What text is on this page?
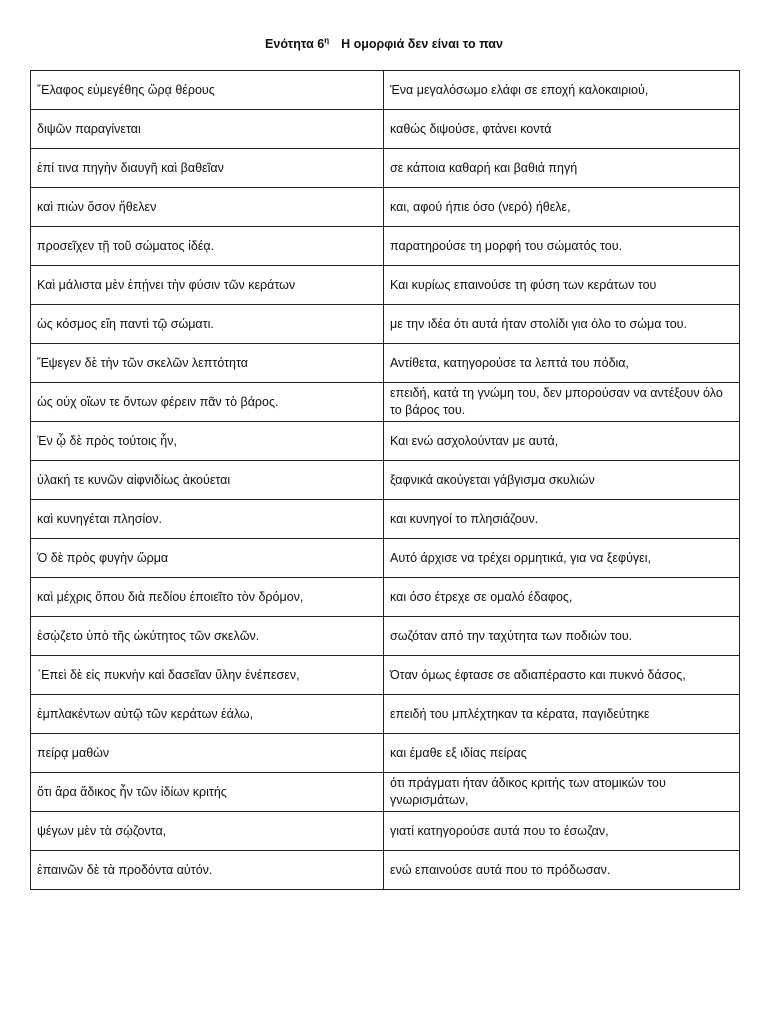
Ενότητα $6^\eta$ Η ομορφιά δεν είναι το παν
῎Ελαφος εὐμεγέθης ὥρᾳ θέρους	Ένα μεγαλόσωμο ελάφι σε εποχή καλοκαιριού,
διψῶν παραγίνεται	καθώς διψούσε, φτάνει κοντά
ἐπί τινα πηγὴν διαυγῆ καὶ βαθεῖαν	σε κάποια καθαρή και βαθιά πηγή
καὶ πιὼν ὅσον ἤθελεν	και, αφού ήπιε όσο (νερό) ήθελε,
προσεῖχεν τῇ τοῦ σώματος ἰδέᾳ.	παρατηρούσε τη μορφή του σώματός του.
Καὶ μάλιστα μὲν ἐπῄνει τὴν φύσιν τῶν κεράτων	Και κυρίως επαινούσε τη φύση των κεράτων του
ὡς κόσμος εἴη παντὶ τῷ σώματι.	με την ιδέα ότι αυτά ήταν στολίδι για όλο το σώμα του.
Ἔψεγεν δὲ τὴν τῶν σκελῶν λεπτότητα	Αντίθετα, κατηγορούσε τα λεπτά του πόδια,
ὡς οὐχ οἵων τε ὄντων φέρειν πᾶν τὸ βάρος.	επειδή, κατά τη γνώμη του, δεν μπορούσαν να αντέξουν όλο το βάρος του.
Ἐν ᾧ δὲ πρὸς τούτοις ἦν,	Και ενώ ασχολούνταν με αυτά,
ὑλακή τε κυνῶν αἰφνιδίως ἀκούεται	ξαφνικά ακούγεται γάβγισμα σκυλιών
καὶ κυνηγέται πλησίον.	και κυνηγοί το πλησιάζουν.
Ὁ δὲ πρὸς φυγὴν ὥρμα	Αυτό άρχισε να τρέχει ορμητικά, για να ξεφύγει,
καὶ μέχρις ὅπου διὰ πεδίου ἐποιεῖτο τὸν δρόμον,	και όσο έτρεχε σε ομαλό έδαφος,
ἐσῴζετο ὑπὸ τῆς ὠκύτητος τῶν σκελῶν.	σωζόταν από την ταχύτητα των ποδιών του.
᾿Επεὶ δὲ εἰς πυκνὴν καὶ δασεῖαν ὕλην ἐνέπεσεν,	Όταν όμως έφτασε σε αδιαπέραστο και πυκνό δάσος,
ἐμπλακέντων αὐτῷ τῶν κεράτων ἑάλω,	επειδή του μπλέχτηκαν τα κέρατα, παγιδεύτηκε
πείρᾳ μαθὼν	και έμαθε εξ ιδίας πείρας
ὅτι ἄρα ἄδικος ἦν τῶν ἰδίων κριτής	ότι πράγματι ήταν άδικος κριτής των ατομικών του γνωρισμάτων,
ψέγων μὲν τὰ σῴζοντα,	γιατί κατηγορούσε αυτά που το έσωζαν,
ἐπαινῶν δὲ τὰ προδόντα αὐτόν.	ενώ επαινούσε αυτά που το πρόδωσαν.
